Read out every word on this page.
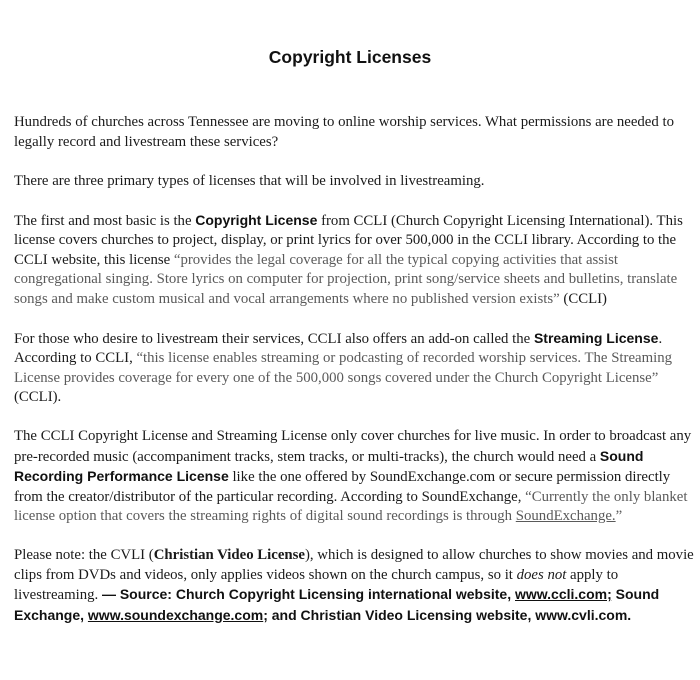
Copyright Licenses

Hundreds of churches across Tennessee are moving to online worship services. What permissions are needed to legally record and livestream these services?

There are three primary types of licenses that will be involved in livestreaming.

The first and most basic is the Copyright License from CCLI (Church Copyright Licensing International). This license covers churches to project, display, or print lyrics for over 500,000 in the CCLI library. According to the CCLI website, this license “provides the legal coverage for all the typical copying activities that assist congregational singing. Store lyrics on computer for projection, print song/service sheets and bulletins, translate songs and make custom musical and vocal arrangements where no published version exists” (CCLI)

For those who desire to livestream their services, CCLI also offers an add-on called the Streaming License. According to CCLI, “this license enables streaming or podcasting of recorded worship services. The Streaming License provides coverage for every one of the 500,000 songs covered under the Church Copyright License” (CCLI).

The CCLI Copyright License and Streaming License only cover churches for live music. In order to broadcast any pre-recorded music (accompaniment tracks, stem tracks, or multi-tracks), the church would need a Sound Recording Performance License like the one offered by SoundExchange.com or secure permission directly from the creator/distributor of the particular recording. According to SoundExchange, “Currently the only blanket license option that covers the streaming rights of digital sound recordings is through SoundExchange.”

Please note: the CVLI (Christian Video License), which is designed to allow churches to show movies and movie clips from DVDs and videos, only applies videos shown on the church campus, so it does not apply to livestreaming. — Source: Church Copyright Licensing international website, www.ccli.com; Sound Exchange, www.soundexchange.com; and Christian Video Licensing website, www.cvli.com.
